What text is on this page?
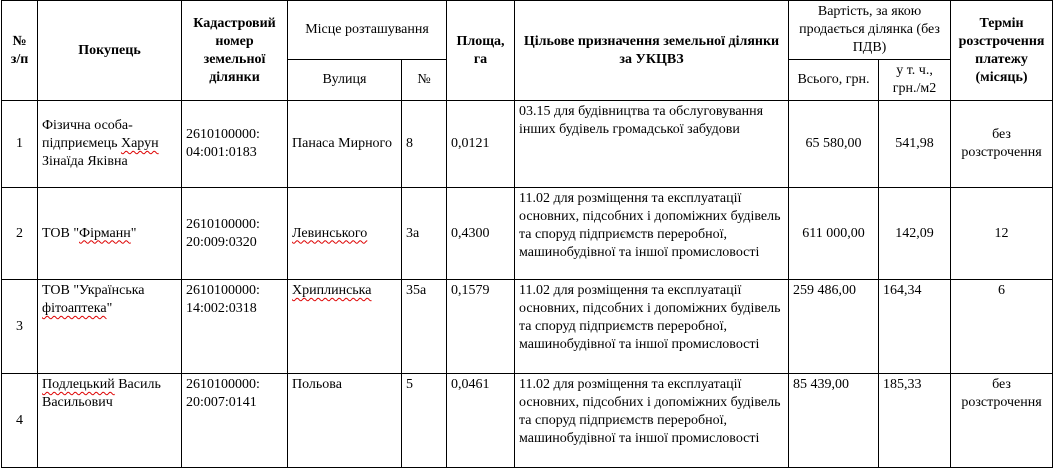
№ з/п	Покупець	Кадастровий номер земельної ділянки	Місце розташування		Площа, га	Цільове призначення земельної ділянки за УКЦВЗ	Вартість, за якою продається ділянка (без ПДВ)		Термін розстрочення платежу (місяць)
			Вулиця	№			Всього, грн.	у т. ч., грн./м2	
1	Фізична особа-підприємець Харун Зінаїда Яківна	2610100000: 04:001:0183	Панаса Мирного	8	0,0121	03.15 для будівництва та обслуговування інших будівель громадської забудови	65 580,00	541,98	без розстрочення
2	ТОВ "Фірманн"	2610100000: 20:009:0320	Левинського	3а	0,4300	11.02 для розміщення та експлуатації основних, підсобних і допоміжних будівель та споруд підприємств переробної, машинобудівної та іншої промисловості	611 000,00	142,09	12
3	ТОВ "Українська фітоаптека"	2610100000: 14:002:0318	Хриплинська	35а	0,1579	11.02 для розміщення та експлуатації основних, підсобних і допоміжних будівель та споруд підприємств переробної, машинобудівної та іншої промисловості	259 486,00	164,34	6
4	Подлецький Василь Васильович	2610100000: 20:007:0141	Польова	5	0,0461	11.02 для розміщення та експлуатації основних, підсобних і допоміжних будівель та споруд підприємств переробної, машинобудівної та іншої промисловості	85 439,00	185,33	без розстрочення
